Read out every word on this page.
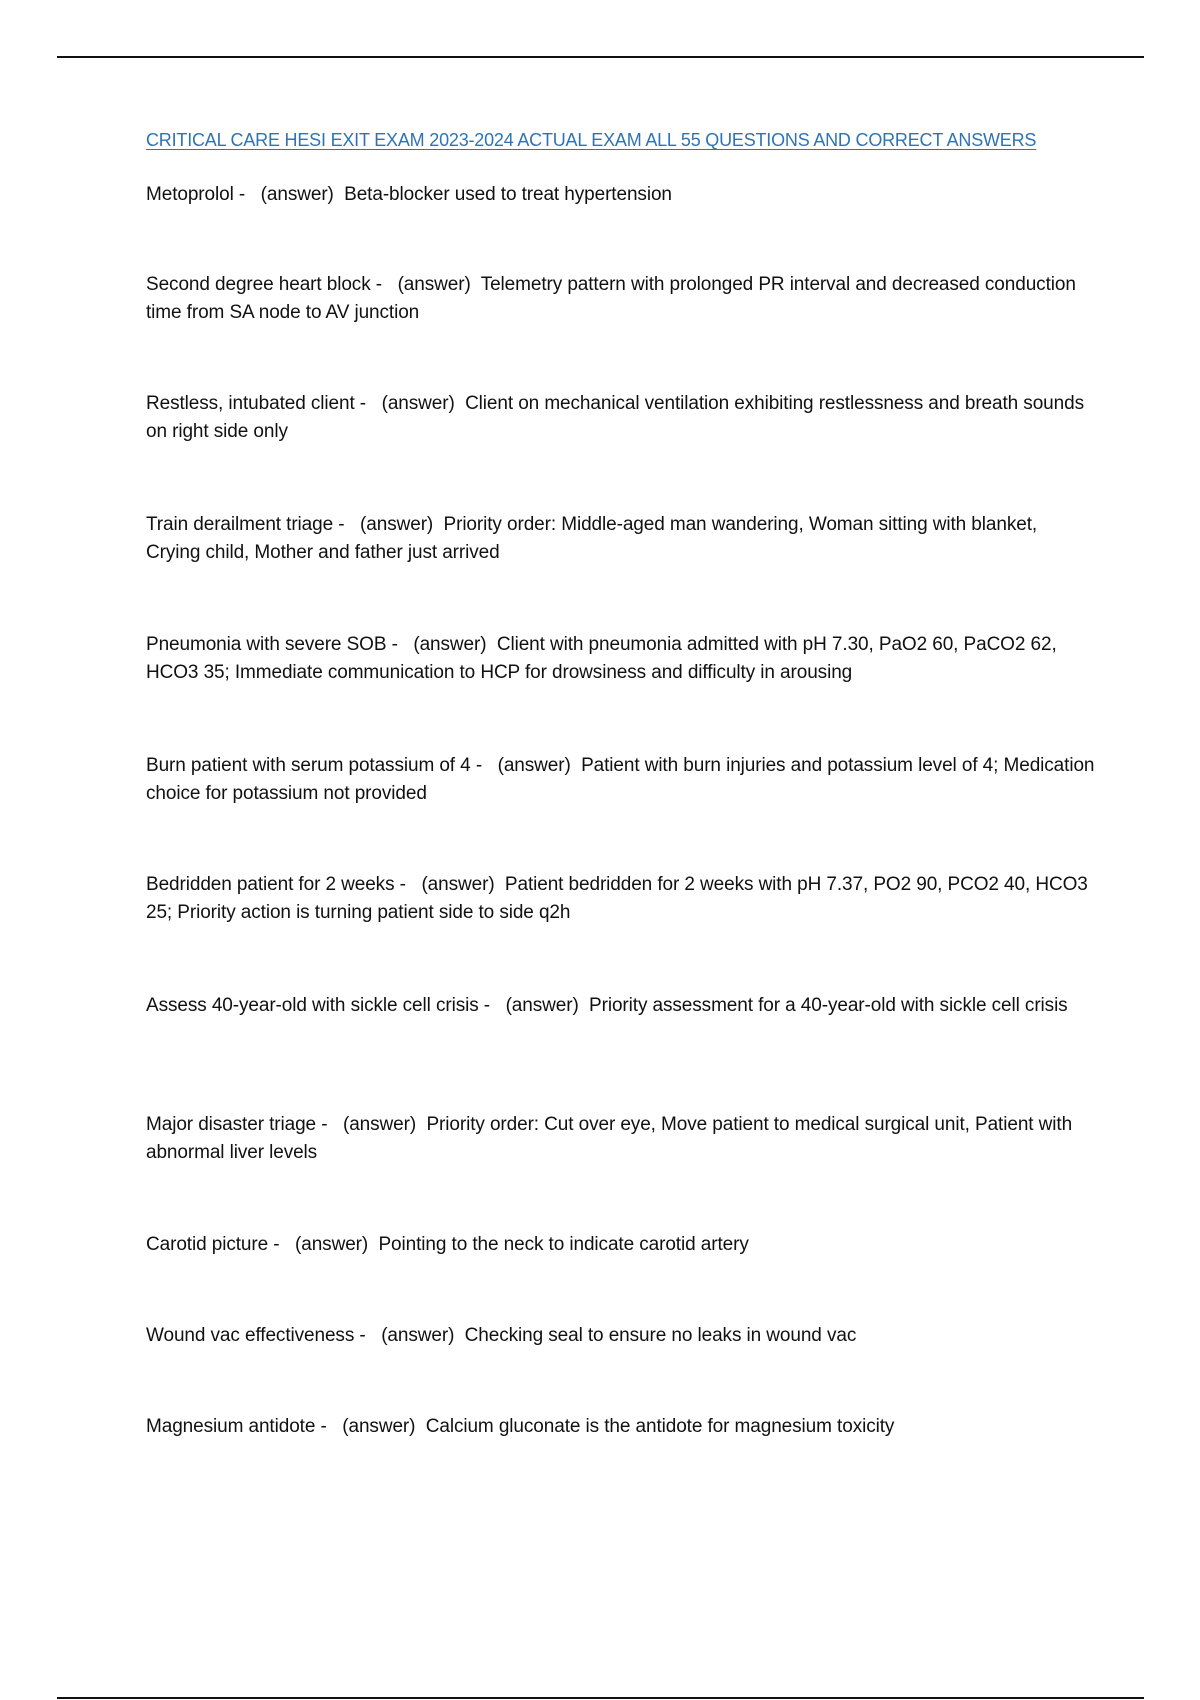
CRITICAL CARE HESI EXIT EXAM 2023-2024 ACTUAL EXAM ALL 55 QUESTIONS AND CORRECT ANSWERS
Metoprolol - (answer) Beta-blocker used to treat hypertension
Second degree heart block - (answer) Telemetry pattern with prolonged PR interval and decreased conduction time from SA node to AV junction
Restless, intubated client - (answer) Client on mechanical ventilation exhibiting restlessness and breath sounds on right side only
Train derailment triage - (answer) Priority order: Middle-aged man wandering, Woman sitting with blanket, Crying child, Mother and father just arrived
Pneumonia with severe SOB - (answer) Client with pneumonia admitted with pH 7.30, PaO2 60, PaCO2 62, HCO3 35; Immediate communication to HCP for drowsiness and difficulty in arousing
Burn patient with serum potassium of 4 - (answer) Patient with burn injuries and potassium level of 4; Medication choice for potassium not provided
Bedridden patient for 2 weeks - (answer) Patient bedridden for 2 weeks with pH 7.37, PO2 90, PCO2 40, HCO3 25; Priority action is turning patient side to side q2h
Assess 40-year-old with sickle cell crisis - (answer) Priority assessment for a 40-year-old with sickle cell crisis
Major disaster triage - (answer) Priority order: Cut over eye, Move patient to medical surgical unit, Patient with abnormal liver levels
Carotid picture - (answer) Pointing to the neck to indicate carotid artery
Wound vac effectiveness - (answer) Checking seal to ensure no leaks in wound vac
Magnesium antidote - (answer) Calcium gluconate is the antidote for magnesium toxicity
